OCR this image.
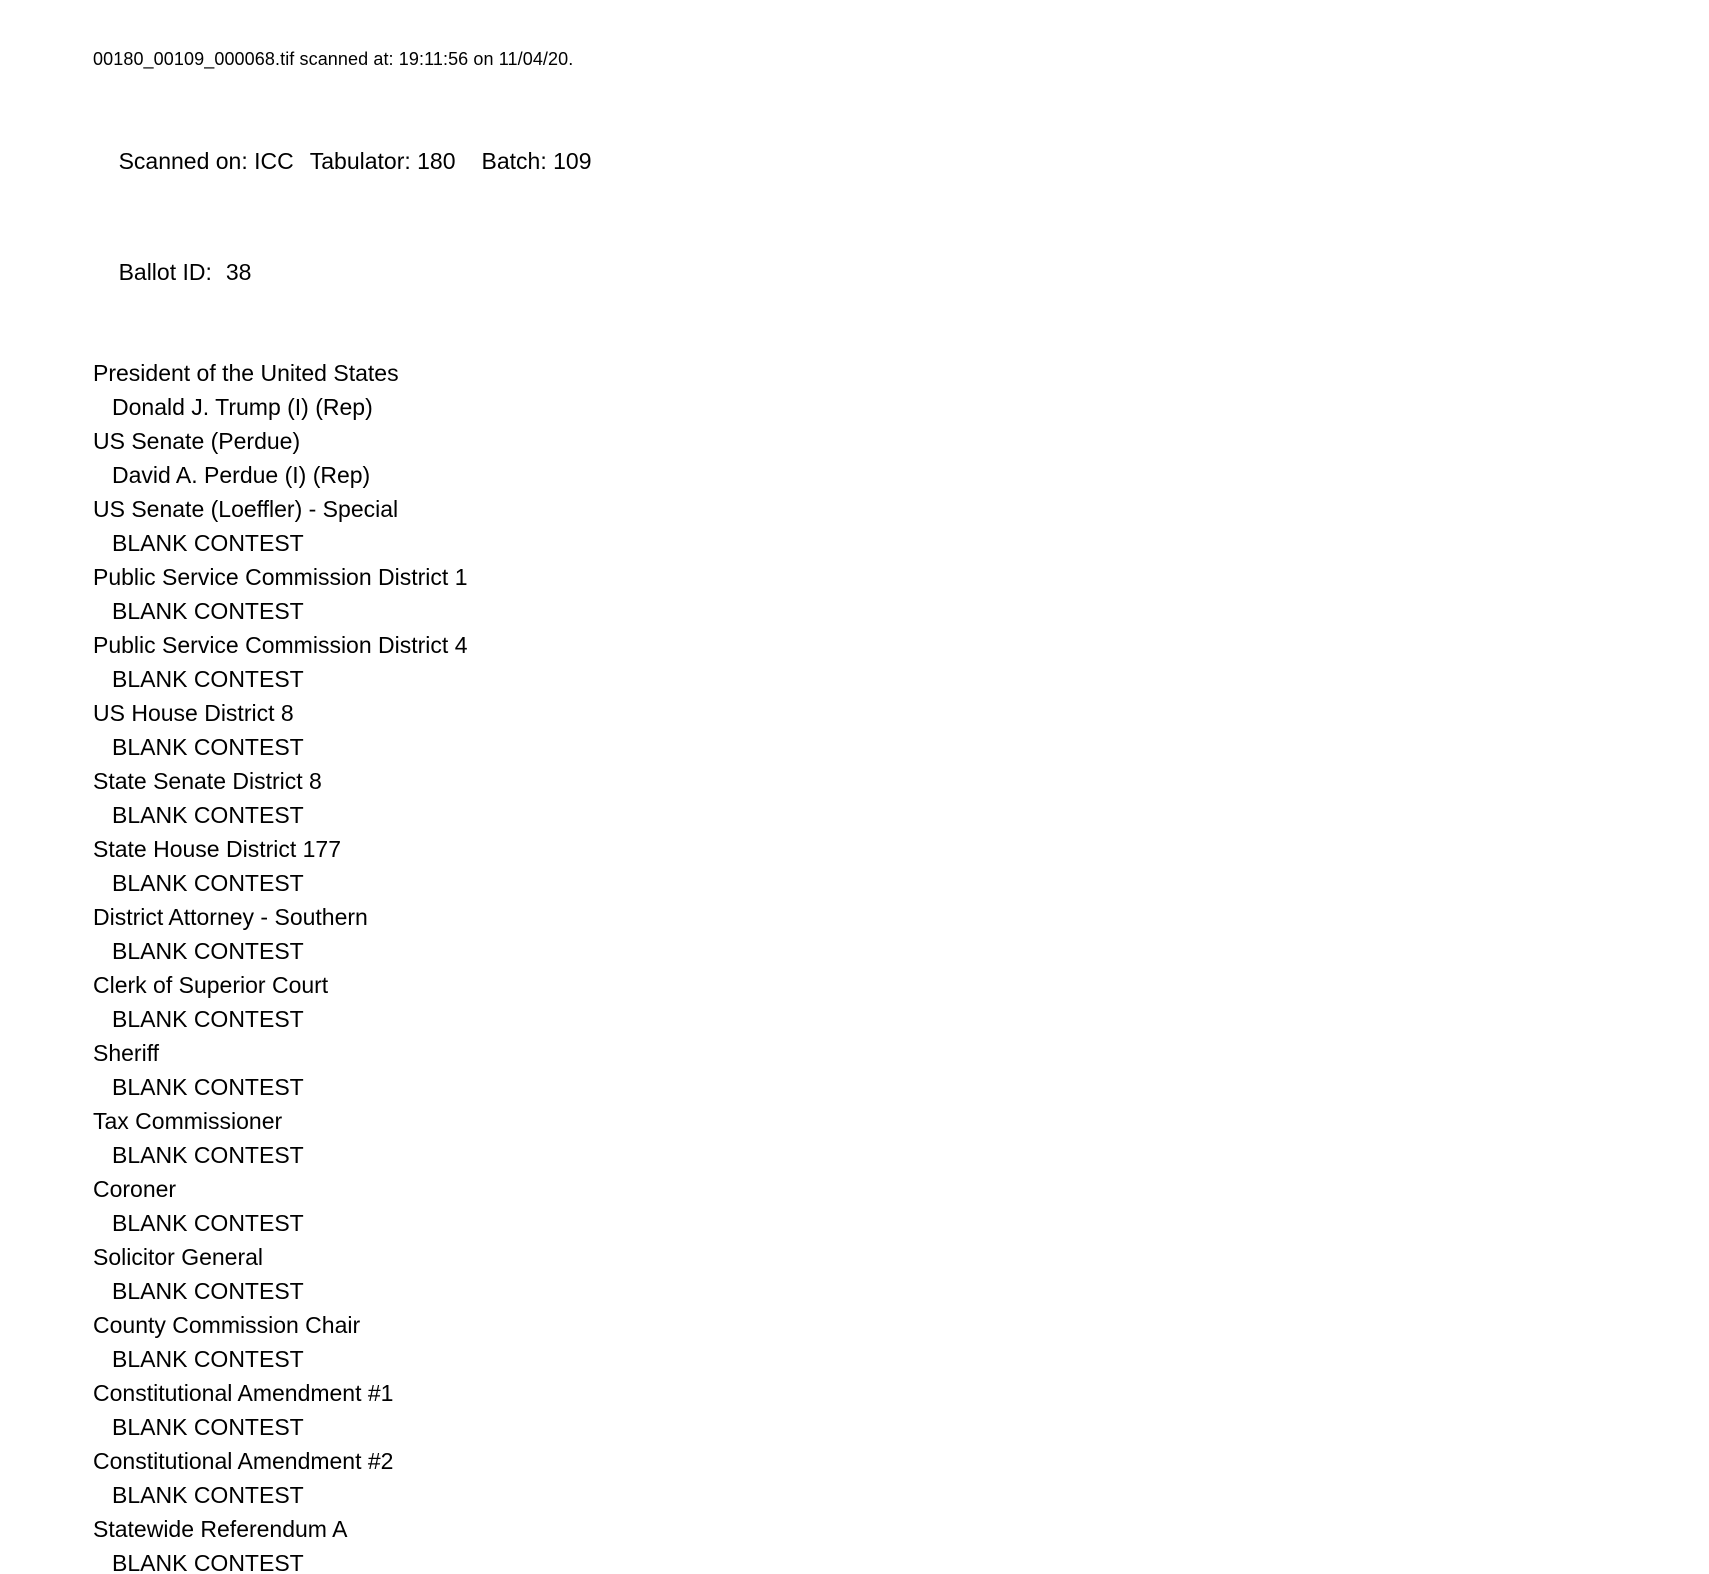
00180_00109_000068.tif scanned at: 19:11:56 on 11/04/20.

Scanned on: ICC Tabulator: 180 Batch: 109

Ballot ID: 38

President of the United States
Donald J. Trump (I) (Rep)
US Senate (Perdue)
David A. Perdue (I) (Rep)
US Senate (Loeffler) - Special
BLANK CONTEST
Public Service Commission District 1
BLANK CONTEST
Public Service Commission District 4
BLANK CONTEST
US House District 8
BLANK CONTEST
State Senate District 8
BLANK CONTEST
State House District 177
BLANK CONTEST
District Attorney - Southern
BLANK CONTEST
Clerk of Superior Court
BLANK CONTEST
Sheriff
BLANK CONTEST
Tax Commissioner
BLANK CONTEST
Coroner
BLANK CONTEST
Solicitor General
BLANK CONTEST
County Commission Chair
BLANK CONTEST
Constitutional Amendment #1
BLANK CONTEST
Constitutional Amendment #2
BLANK CONTEST
Statewide Referendum A
BLANK CONTEST
